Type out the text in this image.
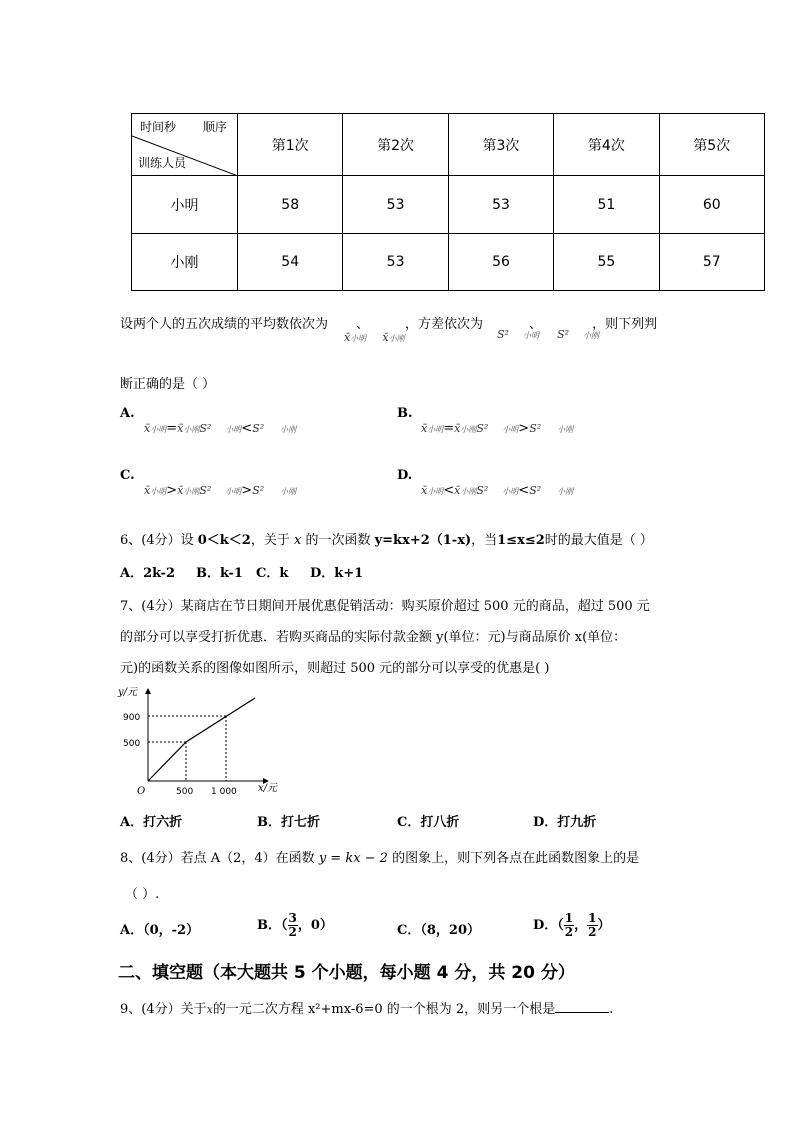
时间秒 顺序
训练人员	第1次	第2次	第3次	第4次	第5次
小明	58	53	53	51	60
小刚	54	53	56	55	57
设两个人的五次成绩的平均数依次为 、	，方差依次为	、	，则下列判
x̄小明 x̄小刚	S² 小明 S² 小刚
断正确的是（ ）
A.
x̄小明=x̄小刚S² 小明<S² 小刚
B.
x̄小明=x̄小刚S² 小明>S² 小刚
C.
x̄小明>x̄小刚S² 小明>S² 小刚
D.
x̄小明<x̄小刚S² 小明<S² 小刚
6、(4分）设 0＜k＜2，关于 x 的一次函数 y=kx+2（1-x)，当1≤x≤2时的最大值是（ ）
A．2k-2 B．k-1 C．k D．k+1
7、(4分）某商店在节日期间开展优惠促销活动：购买原价超过 500 元的商品，超过 500 元
的部分可以享受打折优惠．若购买商品的实际付款金额 y(单位：元)与商品原价 x(单位：
元)的函数关系的图像如图所示，则超过 500 元的部分可以享受的优惠是( )
y/元
x/元
O
900
500
500 1 000
A．打六折	B．打七折	C．打八折	D．打九折
8、(4分）若点 A（2，4）在函数 y = kx − 2 的图象上，则下列各点在此函数图象上的是
（ ）.
A．（0，-2）	B．（ $\frac{3}{2}$ ，0）	C．（8，20）	D．（ $\frac{1}{2}$ ， $\frac{1}{2}$ ）
二、填空题（本大题共 5 个小题，每小题 4 分，共 20 分）
9、(4分）关于x的一元二次方程 x²+mx-6=0 的一个根为 2，则另一个根是	.
